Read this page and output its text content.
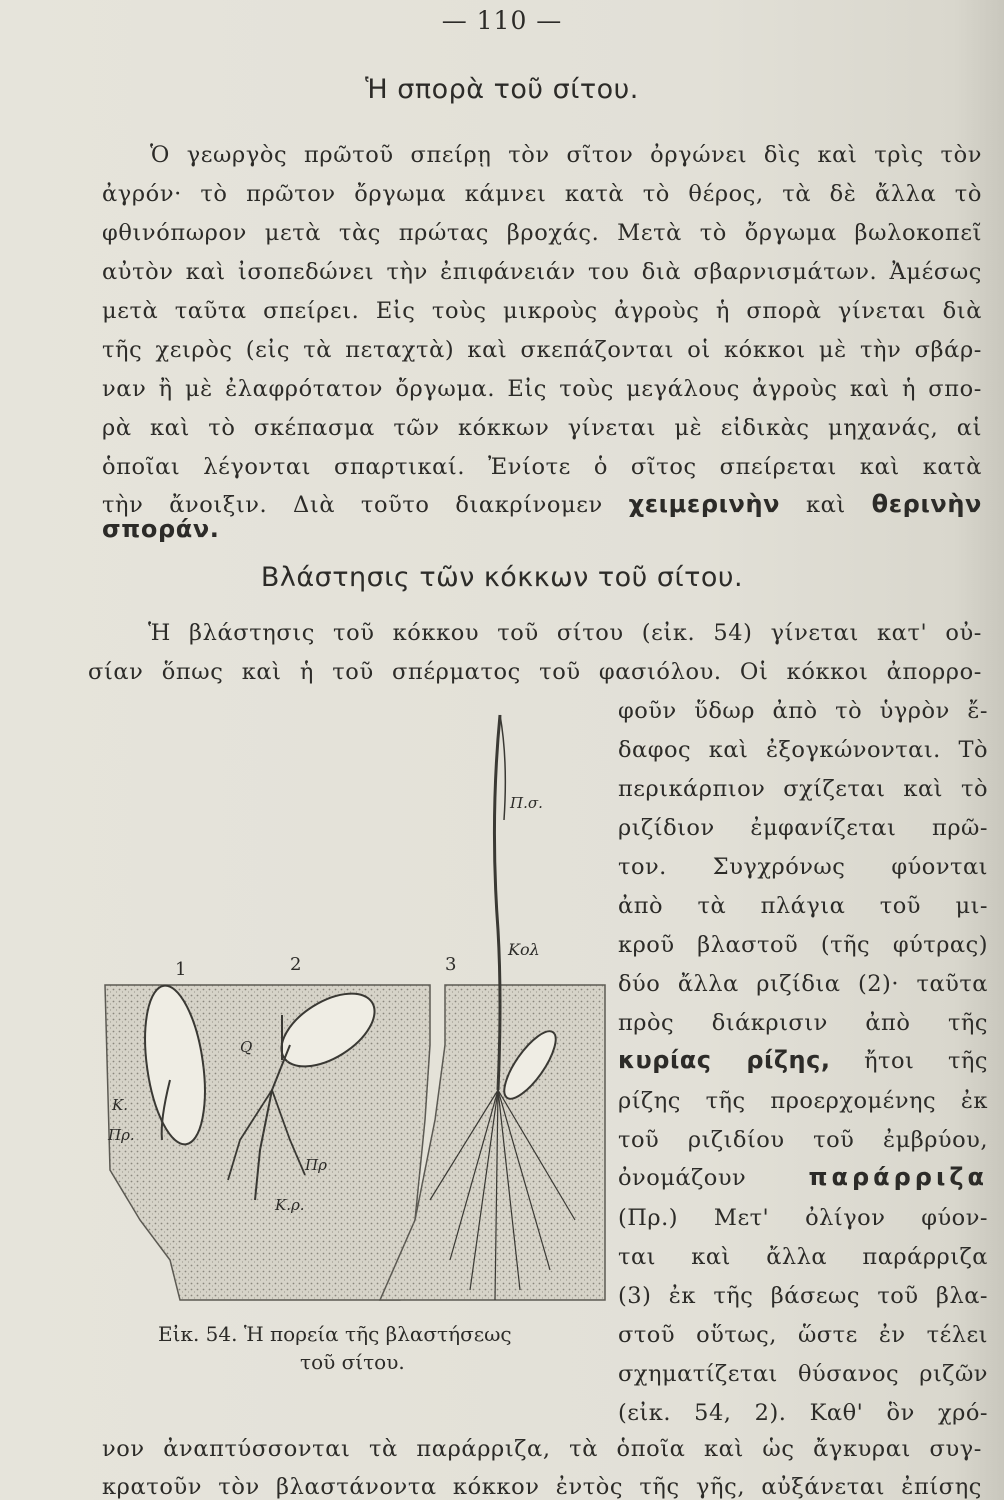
— 110 —
Ἡ σπορὰ τοῦ σίτου.
Ὁ γεωργὸς πρῶτοῦ σπείρῃ τὸν σῖτον ὀργώνει δὶς καὶ τρὶς τὸν
ἀγρόν· τὸ πρῶτον ὄργωμα κάμνει κατὰ τὸ θέρος, τὰ δὲ ἄλλα τὸ
φθινόπωρον μετὰ τὰς πρώτας βροχάς. Μετὰ τὸ ὄργωμα βωλοκοπεῖ
αὐτὸν καὶ ἰσοπεδώνει τὴν ἐπιφάνειάν του διὰ σβαρνισμάτων. Ἀμέσως
μετὰ ταῦτα σπείρει. Εἰς τοὺς μικροὺς ἀγροὺς ἡ σπορὰ γίνεται διὰ
τῆς χειρὸς (εἰς τὰ πεταχτὰ) καὶ σκεπάζονται οἱ κόκκοι μὲ τὴν σβάρ-
ναν ἢ μὲ ἐλαφρότατον ὄργωμα. Εἰς τοὺς μεγάλους ἀγροὺς καὶ ἡ σπο-
ρὰ καὶ τὸ σκέπασμα τῶν κόκκων γίνεται μὲ εἰδικὰς μηχανάς, αἱ
ὁποῖαι λέγονται σπαρτικαί. Ἐνίοτε ὁ σῖτος σπείρεται καὶ κατὰ
τὴν ἄνοιξιν. Διὰ τοῦτο διακρίνομεν χειμερινὴν καὶ θερινὴν
σποράν.
Βλάστησις τῶν κόκκων τοῦ σίτου.
Ἡ βλάστησις τοῦ κόκκου τοῦ σίτου (εἰκ. 54) γίνεται κατ' οὐ-
σίαν ὅπως καὶ ἡ τοῦ σπέρματος τοῦ φασιόλου. Οἱ κόκκοι ἀπορρο-
φοῦν ὕδωρ ἀπὸ τὸ ὑγρὸν ἔ-
δαφος καὶ ἐξογκώνονται. Τὸ
περικάρπιον σχίζεται καὶ τὸ
ριζίδιον ἐμφανίζεται πρῶ-
τον. Συγχρόνως φύονται
ἀπὸ τὰ πλάγια τοῦ μι-
κροῦ βλαστοῦ (τῆς φύτρας)
δύο ἄλλα ριζίδια (2)· ταῦτα
πρὸς διάκρισιν ἀπὸ τῆς
κυρίας ρίζης, ἤτοι τῆς
ρίζης τῆς προερχομένης ἐκ
τοῦ ριζιδίου τοῦ ἐμβρύου,
ὀνομάζουν	παράρριζα
(Πρ.) Μετ' ὀλίγον φύον-
ται καὶ ἄλλα παράρριζα
(3) ἐκ τῆς βάσεως τοῦ βλα-
στοῦ οὕτως, ὥστε ἐν τέλει
σχηματίζεται θύσανος ριζῶν
(εἰκ. 54, 2). Καθ' ὃν χρό-
νον ἀναπτύσσονται τὰ παράρριζα, τὰ ὁποῖα καὶ ὡς ἄγκυραι συγ-
κρατοῦν τὸν βλαστάνοντα κόκκον ἐντὸς τῆς γῆς, αὐξάνεται ἐπίσης
1	2	3
Π.σ.
Κολ
Κ.
Πρ.
Πρ
Κ.ρ.
Q
Εἰκ. 54. Ἡ πορεία τῆς βλαστήσεως
τοῦ σίτου.
